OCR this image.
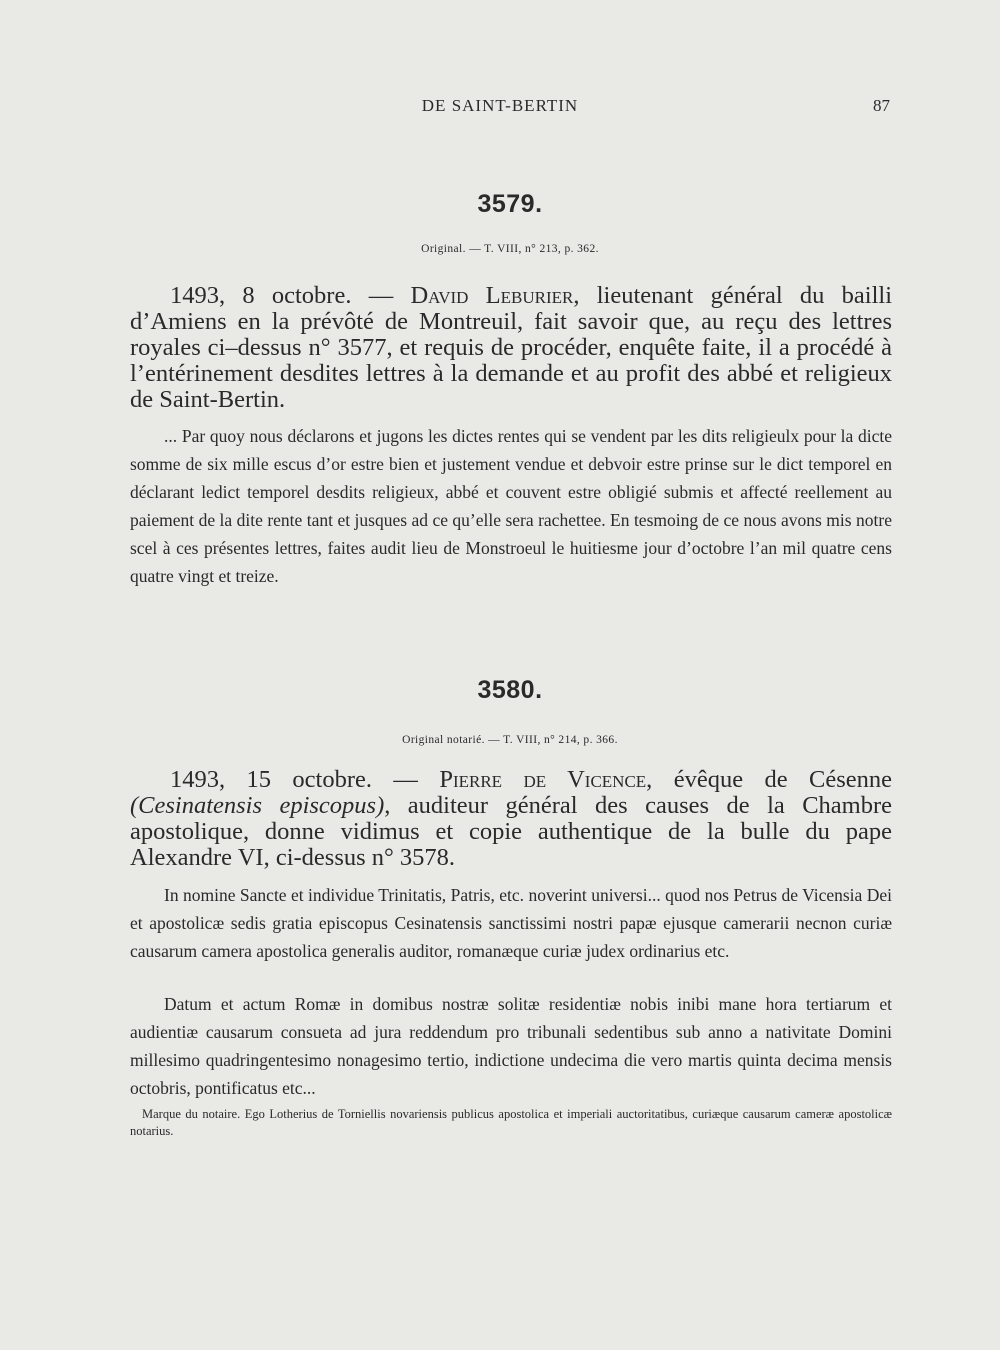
DE SAINT-BERTIN	87
3579.
Original. — T. VIII, n° 213, p. 362.
1493, 8 octobre. — David Leburier, lieutenant général du bailli d’Amiens en la prévôté de Montreuil, fait savoir que, au reçu des lettres royales ci–dessus n° 3577, et requis de procéder, enquête faite, il a procédé à l’entérinement desdites lettres à la demande et au profit des abbé et religieux de Saint-Bertin.

... Par quoy nous déclarons et jugons les dictes rentes qui se vendent par les dits religieulx pour la dicte somme de six mille escus d’or estre bien et justement vendue et debvoir estre prinse sur le dict temporel en déclarant ledict temporel desdits religieux, abbé et couvent estre obligié submis et affecté reellement au paiement de la dite rente tant et jusques ad ce qu’elle sera rachettee. En tesmoing de ce nous avons mis notre scel à ces présentes lettres, faites audit lieu de Monstroeul le huitiesme jour d’octobre l’an mil quatre cens quatre vingt et treize.

3580.
Original notarié. — T. VIII, n° 214, p. 366.
1493, 15 octobre. — Pierre de Vicence, évêque de Césenne (Cesinatensis episcopus), auditeur général des causes de la Chambre apostolique, donne vidimus et copie authentique de la bulle du pape Alexandre VI, ci-dessus n° 3578.

In nomine Sancte et individue Trinitatis, Patris, etc. noverint universi... quod nos Petrus de Vicensia Dei et apostolicæ sedis gratia episcopus Cesinatensis sanctissimi nostri papæ ejusque camerarii necnon curiæ causarum camera apostolica generalis auditor, romanæque curiæ judex ordinarius etc.

Datum et actum Romæ in domibus nostræ solitæ residentiæ nobis inibi mane hora tertiarum et audientiæ causarum consueta ad jura reddendum pro tribunali sedentibus sub anno a nativitate Domini millesimo quadringentesimo nonagesimo tertio, indictione undecima die vero martis quinta decima mensis octobris, pontificatus etc...

Marque du notaire. Ego Lotherius de Torniellis novariensis publicus apostolica et imperiali auctoritatibus, curiæque causarum cameræ apostolicæ notarius.
